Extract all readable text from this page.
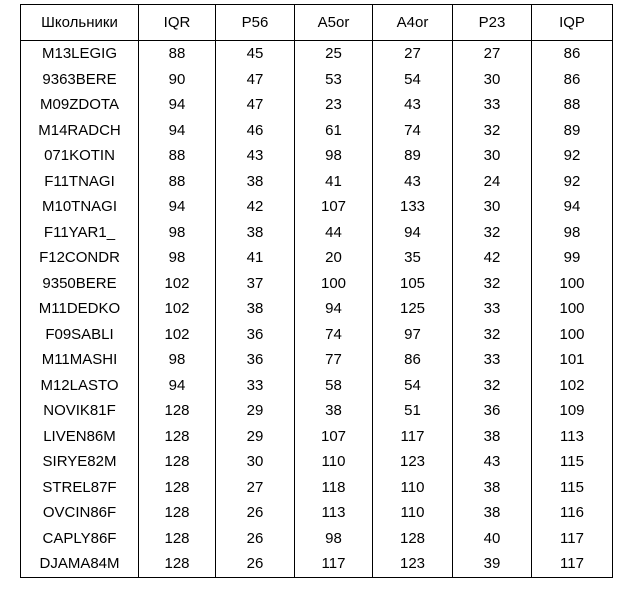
Школьники	IQR	P56	A5or	A4or	P23	IQP
M13LEGIG	88	45	25	27	27	86
9363BERE	90	47	53	54	30	86
M09ZDOTA	94	47	23	43	33	88
M14RADCH	94	46	61	74	32	89
071KOTIN	88	43	98	89	30	92
F11TNAGI	88	38	41	43	24	92
M10TNAGI	94	42	107	133	30	94
F11YAR1_	98	38	44	94	32	98
F12CONDR	98	41	20	35	42	99
9350BERE	102	37	100	105	32	100
M11DEDKO	102	38	94	125	33	100
F09SABLI	102	36	74	97	32	100
M11MASHI	98	36	77	86	33	101
M12LASTO	94	33	58	54	32	102
NOVIK81F	128	29	38	51	36	109
LIVEN86M	128	29	107	117	38	113
SIRYE82M	128	30	110	123	43	115
STREL87F	128	27	118	110	38	115
OVCIN86F	128	26	113	110	38	116
CAPLY86F	128	26	98	128	40	117
DJAMA84M	128	26	117	123	39	117
